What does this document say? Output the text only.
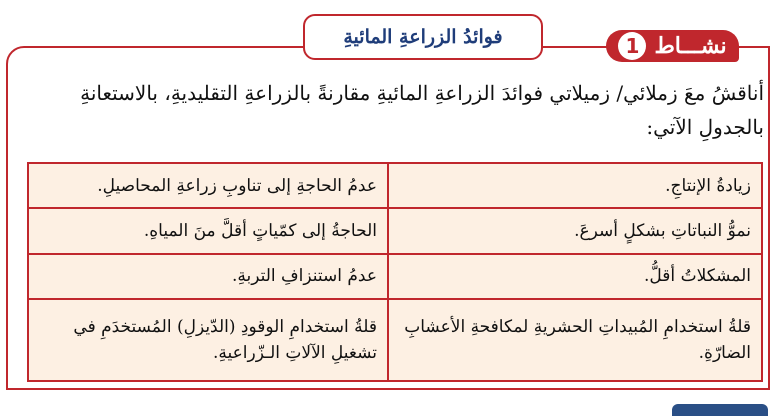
فوائدُ الزراعةِ المائيةِ	نشـــاط
1
أناقشُ معَ زملائي/ زميلاتي فوائدَ الزراعةِ المائيةِ مقارنةً بالزراعةِ التقليديةِ، بالاستعانةِ بالجدولِ الآتي:
زيادةُ الإنتاجِ.	عدمُ الحاجةِ إلى تناوبِ زراعةِ المحاصيلِ.
نموُّ النباتاتِ بشكلٍ أسرعَ.	الحاجةُ إلى كمّياتٍ أقلَّ منَ المياهِ.
المشكلاتُ أقلُّ.	عدمُ استنزافِ التربةِ.
قلةُ استخدامِ المُبيداتِ الحشريةِ لمكافحةِ الأعشابِ الضارّةِ.	قلةُ استخدامِ الوقودِ (الدّيزلِ) المُستخدَمِ في تشغيلِ الآلاتِ الـزّراعيةِ.
